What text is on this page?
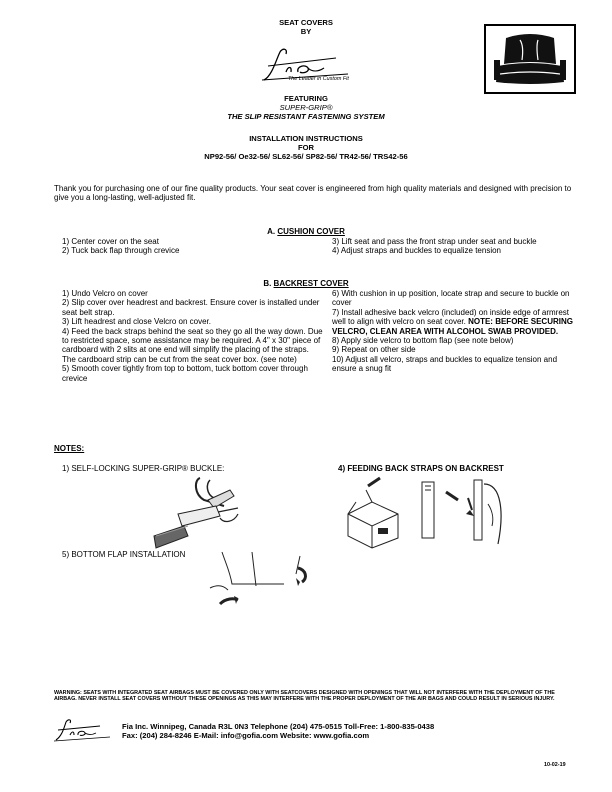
SEAT COVERS
BY
The Leader in Custom Fit
FEATURING
SUPER-GRIP®
THE SLIP RESISTANT FASTENING SYSTEM
INSTALLATION INSTRUCTIONS
FOR
NP92-56/ Oe32-56/ SL62-56/ SP82-56/ TR42-56/ TRS42-56
Thank you for purchasing one of our fine quality products. Your seat cover is engineered from high quality materials and designed with precision to give you a long-lasting, well-adjusted fit.
A. CUSHION COVER

1) Center cover on the seat

2) Tuck back flap through crevice

3) Lift seat and pass the front strap under seat and buckle

4) Adjust straps and buckles to equalize tension

B. BACKREST COVER

1) Undo Velcro on cover

2) Slip cover over headrest and backrest. Ensure cover is installed under seat belt strap.

3) Lift headrest and close Velcro on cover.

4) Feed the back straps behind the seat so they go all the way down. Due to restricted space, some assistance may be required. A 4" x 30" piece of cardboard with 2 slits at one end will simplify the placing of the straps. The cardboard strip can be cut from the seat cover box. (see note)

5) Smooth cover tightly from top to bottom, tuck bottom cover through crevice

6) With cushion in up position, locate strap and secure to buckle on cover

7) Install adhesive back velcro (included) on inside edge of armrest well to align with velcro on seat cover. NOTE: BEFORE SECURING VELCRO, CLEAN AREA WITH ALCOHOL SWAB PROVIDED.

8) Apply side velcro to bottom flap (see note below)

9) Repeat on other side

10) Adjust all velcro, straps and buckles to equalize tension and ensure a snug fit

NOTES:
1) SELF-LOCKING SUPER-GRIP® BUCKLE:	4) FEEDING BACK STRAPS ON BACKREST
5) BOTTOM FLAP INSTALLATION
WARNING: SEATS WITH INTEGRATED SEAT AIRBAGS MUST BE COVERED ONLY WITH SEATCOVERS DESIGNED WITH OPENINGS THAT WILL NOT INTERFERE WITH THE DEPLOYMENT OF THE AIRBAG. NEVER INSTALL SEAT COVERS WITHOUT THESE OPENINGS AS THIS MAY INTERFERE WITH THE PROPER DEPLOYMENT OF THE AIR BAGS AND COULD RESULT IN SERIOUS INJURY.
Fia Inc. Winnipeg, Canada R3L 0N3 Telephone (204) 475-0515 Toll-Free: 1-800-835-0438
Fax: (204) 284-8246 E-Mail: info@gofia.com Website: www.gofia.com
10-02-19
